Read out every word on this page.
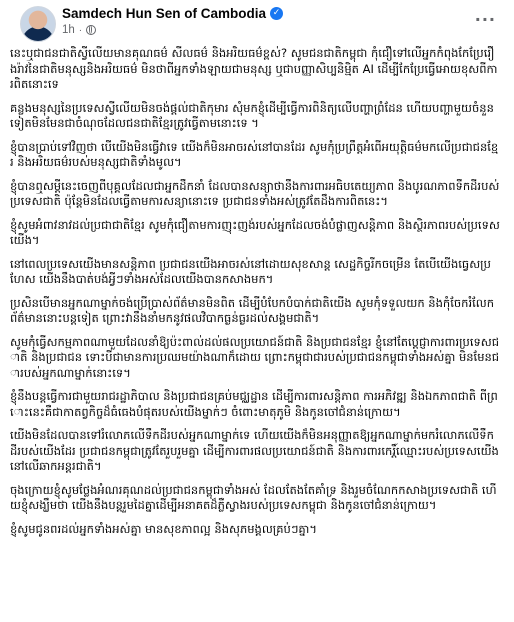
Samdech Hun Sen of Cambodia ✓
1h ·
···

នេះឬជាជនជាតិស្វីលើយមានគុណធម៌ សីលធម៌ និងអរិយធម៌ខ្ពស់? សូមជនជាតិកម្ពុជា កុំជឿទៅលើអ្នកកំពុងកែប្រែរឿងរ៉ាវនៃជាតិមនុស្សនិងអរិយធម៌ មិនថាពីអ្នកទាំងឡាយជាមនុស្ស ឬជាបញ្ញាសិប្បនិម្មិត AI ដើម្បីកែប្រែធ្វើអោយខុសពីការពិតនោះទេ

គន្លងមនុស្សនៃប្រទេសស្វីលើយមិនចង់ផ្តល់ជាតិកុមារ សុំមកខ្ញុំដើម្បីធ្វើការពិនិត្យលើបញ្ហាព្រំដែន ហើយបញ្ហាមួយចំនួនទៀតមិនមែនជាចំណុចដែលជនជាតិខ្មែរត្រូវធ្វើតាមនោះទេ ។

ខ្ញុំបានប្រាប់ទៅវិញថា បើយើងមិនធ្វើវាទេ យើងក៏មិនអាចរស់នៅបានដែរ សូមកុំប្រព្រឹត្តអំពើអយុត្តិធម៌មកលើប្រជាជនខ្មែរ និងអរិយធម៌របស់មនុស្សជាតិទាំងមូល។

ខ្ញុំបានឮសម្តីនេះចេញពីបុគ្គលដែលជាអ្នកដឹកនាំ ដែលបានសន្យាថានឹងការពារអធិបតេយ្យភាព និងបូរណភាពទឹកដីរបស់ប្រទេសជាតិ ប៉ុន្តែមិនដែលធ្វើតាមការសន្យានោះទេ ប្រជាជនទាំងអស់ត្រូវតែដឹងការពិតនេះ។

ខ្ញុំសូមអំពាវនាវដល់ប្រជាជាតិខ្មែរ សូមកុំជឿតាមការញុះញង់របស់អ្នកដែលចង់បំផ្លាញសន្តិភាព និងស្ថិរភាពរបស់ប្រទេសយើង។

នៅពេលប្រទេសយើងមានសន្តិភាព ប្រជាជនយើងអាចរស់នៅដោយសុខសាន្ត សេដ្ឋកិច្ចរីកចម្រើន តែបើយើងធ្វេសប្រហែស យើងនឹងបាត់បង់អ្វីៗទាំងអស់ដែលយើងបានកសាងមក។

ប្រសិនបើមានអ្នកណាម្នាក់ចង់ប្រើប្រាស់ព័ត៌មានមិនពិត ដើម្បីបំបែកបំបាក់ជាតិយើង សូមកុំទទួលយក និងកុំចែករំលែកព័ត៌មាននោះបន្តទៀត ព្រោះវានឹងនាំមកនូវផលវិបាកធ្ងន់ធ្ងរដល់សង្គមជាតិ។

សូមកុំធ្វើសកម្មភាពណាមួយដែលនាំឱ្យប៉ះពាល់ដល់ផលប្រយោជន៍ជាតិ និងប្រជាជនខ្មែរ ខ្ញុំនៅតែប្តេជ្ញាការពារប្រទេសជាតិ និងប្រជាជន ទោះបីជាមានការប្រឈមយ៉ាងណាក៏ដោយ ព្រោះកម្ពុជាជារបស់ប្រជាជនកម្ពុជាទាំងអស់គ្នា មិនមែនជារបស់អ្នកណាម្នាក់នោះទេ។

ខ្ញុំនឹងបន្តធ្វើការជាមួយរាជរដ្ឋាភិបាល និងប្រជាជនគ្រប់មជ្ឈដ្ឋាន ដើម្បីការពារសន្តិភាព ការអភិវឌ្ឍ និងឯកភាពជាតិ ពីព្រោះនេះគឺជាកាតព្វកិច្ចដ៏ធំធេងបំផុតរបស់យើងម្នាក់ៗ ចំពោះមាតុភូមិ និងកូនចៅជំនាន់ក្រោយ។

យើងមិនដែលបានទៅរំលោភលើទឹកដីរបស់អ្នកណាម្នាក់ទេ ហើយយើងក៏មិនអនុញ្ញាតឱ្យអ្នកណាម្នាក់មករំលោភលើទឹកដីរបស់យើងដែរ ប្រជាជនកម្ពុជាត្រូវតែរួបរួមគ្នា ដើម្បីការពារផលប្រយោជន៍ជាតិ និងការពារកេរ្តិ៍ឈ្មោះរបស់ប្រទេសយើងនៅលើឆាកអន្តរជាតិ។

ចុងក្រោយខ្ញុំសូមថ្លែងអំណរគុណដល់ប្រជាជនកម្ពុជាទាំងអស់ ដែលតែងតែគាំទ្រ និងរួមចំណែកកសាងប្រទេសជាតិ ហើយខ្ញុំសង្ឃឹមថា យើងនឹងបន្តរួមដៃគ្នាដើម្បីអនាគតដ៏ភ្លឺស្វាងរបស់ប្រទេសកម្ពុជា និងកូនចៅជំនាន់ក្រោយ។

ខ្ញុំសូមជូនពរដល់អ្នកទាំងអស់គ្នា មានសុខភាពល្អ និងសុភមង្គលគ្រប់ៗគ្នា។
